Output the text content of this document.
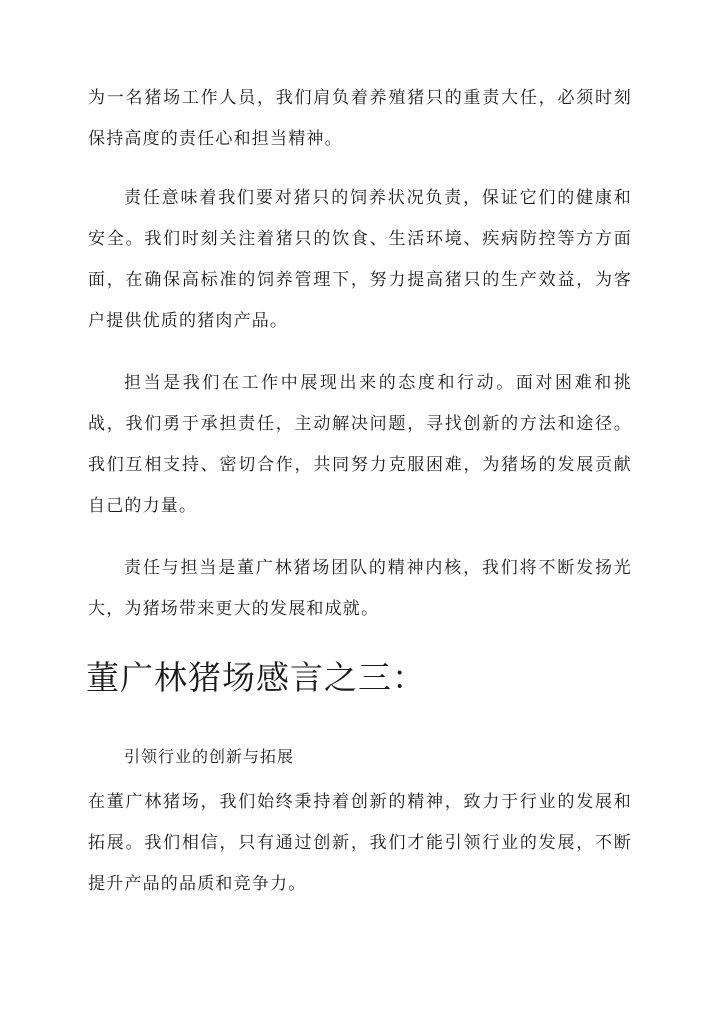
为一名猪场工作人员，我们肩负着养殖猪只的重责大任，必须时刻保持高度的责任心和担当精神。

责任意味着我们要对猪只的饲养状况负责，保证它们的健康和安全。我们时刻关注着猪只的饮食、生活环境、疾病防控等方方面面，在确保高标准的饲养管理下，努力提高猪只的生产效益，为客户提供优质的猪肉产品。

担当是我们在工作中展现出来的态度和行动。面对困难和挑战，我们勇于承担责任，主动解决问题，寻找创新的方法和途径。我们互相支持、密切合作，共同努力克服困难，为猪场的发展贡献自己的力量。

责任与担当是董广林猪场团队的精神内核，我们将不断发扬光大，为猪场带来更大的发展和成就。

董广林猪场感言之三：

引领行业的创新与拓展

在董广林猪场，我们始终秉持着创新的精神，致力于行业的发展和拓展。我们相信，只有通过创新，我们才能引领行业的发展，不断提升产品的品质和竞争力。
